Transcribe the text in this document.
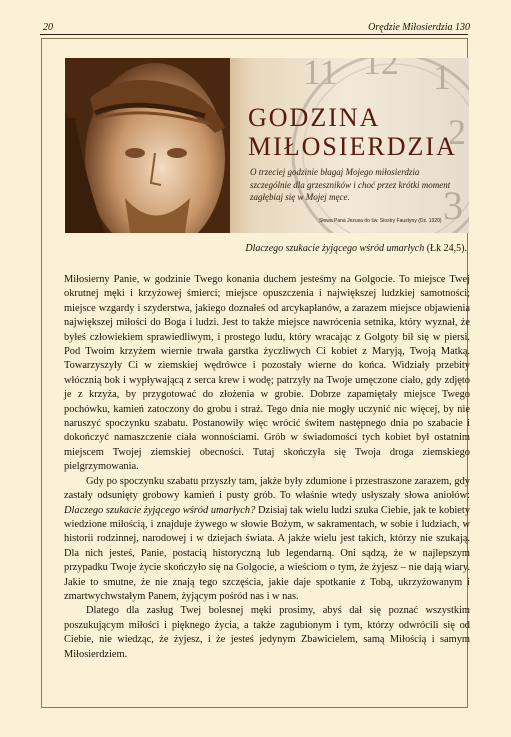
20	Orędzie Miłosierdzia 130
11 12 1
2
3
GODZINA
MIŁOSIERDZIA
O trzeciej godzinie błagaj Mojego miłosierdzia szczególnie dla grzeszników i choć przez krótki moment zagłębiaj się w Mojej męce.
Słowa Pana Jezusa do św. Siostry Faustyny (Dz. 1320)
Dlaczego szukacie żyjącego wśród umarłych (Łk 24,5).

Miłosierny Panie, w godzinie Twego konania duchem jesteśmy na Golgocie. To miejsce Twej okrutnej męki i krzyżowej śmierci; miejsce opuszczenia i największej ludzkiej samotności; miejsce wzgardy i szyderstwa, jakiego doznałeś od arcykapłanów, a zarazem miejsce objawienia największej miłości do Boga i ludzi. Jest to także miejsce nawrócenia setnika, który wyznał, że byłeś człowiekiem sprawiedliwym, i prostego ludu, który wracając z Golgoty bił się w piersi. Pod Twoim krzyżem wiernie trwała garstka życzliwych Ci kobiet z Maryją, Twoją Matką. Towarzyszyły Ci w ziemskiej wędrówce i pozostały wierne do końca. Widziały przebity włócznią bok i wypływającą z serca krew i wodę; patrzyły na Twoje umęczone ciało, gdy zdjęto je z krzyża, by przygotować do złożenia w grobie. Dobrze zapamiętały miejsce Twego pochówku, kamień zatoczony do grobu i straż. Tego dnia nie mogły uczynić nic więcej, by nie naruszyć spoczynku szabatu. Postanowiły więc wrócić świtem następnego dnia po szabacie i dokończyć namaszczenie ciała wonnościami. Grób w świadomości tych kobiet był ostatnim miejscem Twojej ziemskiej obecności. Tutaj skończyła się Twoja droga ziemskiego pielgrzymowania.

Gdy po spoczynku szabatu przyszły tam, jakże były zdumione i przestraszone zarazem, gdy zastały odsunięty grobowy kamień i pusty grób. To właśnie wtedy usłyszały słowa aniołów: Dlaczego szukacie żyjącego wśród umarłych? Dzisiaj tak wielu ludzi szuka Ciebie, jak te kobiety wiedzione miłością, i znajduje żywego w słowie Bożym, w sakramentach, w sobie i ludziach, w historii rodzinnej, narodowej i w dziejach świata. A jakże wielu jest takich, którzy nie szukają. Dla nich jesteś, Panie, postacią historyczną lub legendarną. Oni sądzą, że w najlepszym przypadku Twoje życie skończyło się na Golgocie, a wieściom o tym, że żyjesz – nie dają wiary. Jakie to smutne, że nie znają tego szczęścia, jakie daje spotkanie z Tobą, ukrzyżowanym i zmartwychwstałym Panem, żyjącym pośród nas i w nas.

Dlatego dla zasług Twej bolesnej męki prosimy, abyś dał się poznać wszystkim poszukującym miłości i pięknego życia, a także zagubionym i tym, którzy odwrócili się od Ciebie, nie wiedząc, że żyjesz, i że jesteś jedynym Zbawicielem, samą Miłością i samym Miłosierdziem.
